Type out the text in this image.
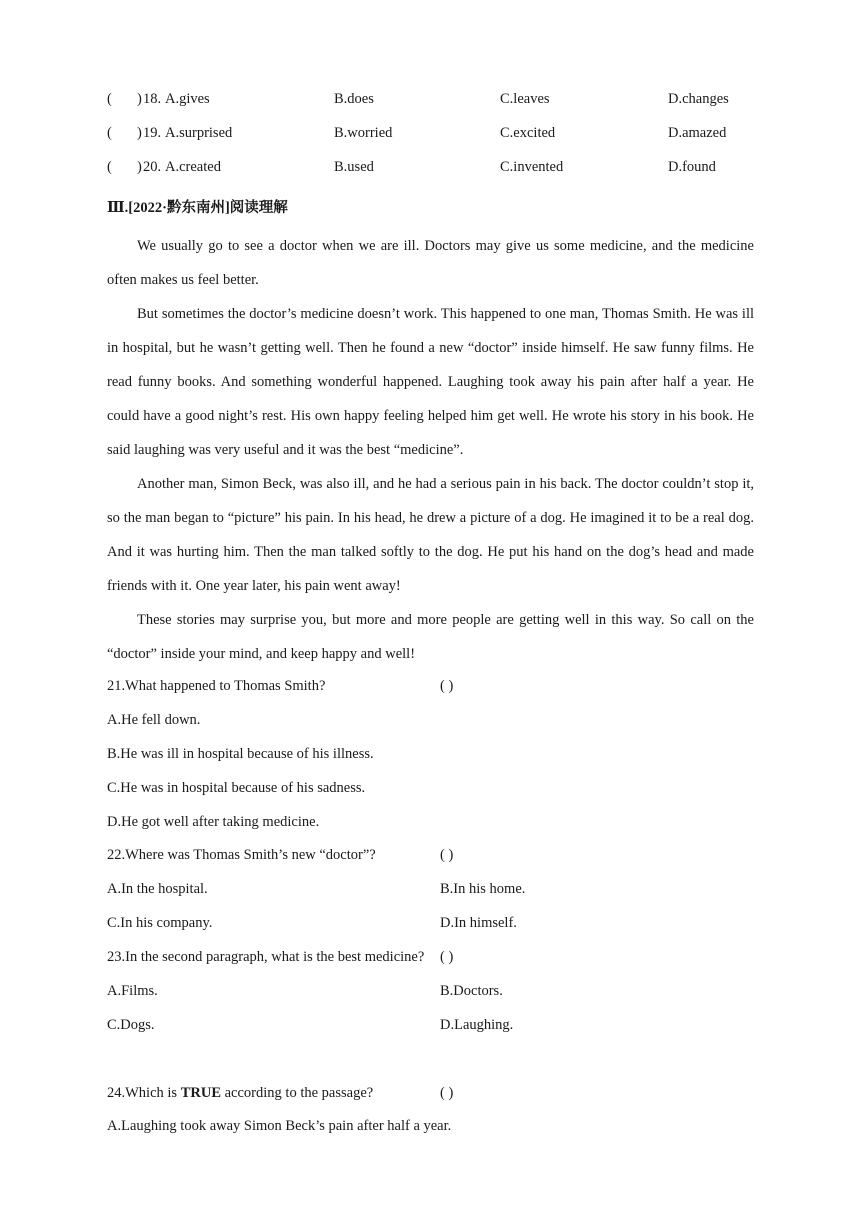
( ) 18. A.gives	B.does	C.leaves	D.changes
( ) 19. A.surprised	B.worried	C.excited	D.amazed
( ) 20. A.created	B.used	C.invented	D.found
Ⅲ.[2022·黔东南州]阅读理解

We usually go to see a doctor when we are ill. Doctors may give us some medicine, and the medicine often makes us feel better.

But sometimes the doctor’s medicine doesn’t work. This happened to one man, Thomas Smith. He was ill in hospital, but he wasn’t getting well. Then he found a new “doctor” inside himself. He saw funny films. He read funny books. And something wonderful happened. Laughing took away his pain after half a year. He could have a good night’s rest. His own happy feeling helped him get well. He wrote his story in his book. He said laughing was very useful and it was the best “medicine”.

Another man, Simon Beck, was also ill, and he had a serious pain in his back. The doctor couldn’t stop it, so the man began to “picture” his pain. In his head, he drew a picture of a dog. He imagined it to be a real dog. And it was hurting him. Then the man talked softly to the dog. He put his hand on the dog’s head and made friends with it. One year later, his pain went away!

These stories may surprise you, but more and more people are getting well in this way. So call on the “doctor” inside your mind, and keep happy and well!

21.What happened to Thomas Smith?	( )
A.He fell down.
B.He was ill in hospital because of his illness.
C.He was in hospital because of his sadness.
D.He got well after taking medicine.
22.Where was Thomas Smith’s new “doctor”?	( )
A.In the hospital.	B.In his home.
C.In his company.	D.In himself.
23.In the second paragraph, what is the best medicine? ( )
A.Films.	B.Doctors.
C.Dogs.	D.Laughing.
24.Which is TRUE according to the passage?	( )
A.Laughing took away Simon Beck’s pain after half a year.
